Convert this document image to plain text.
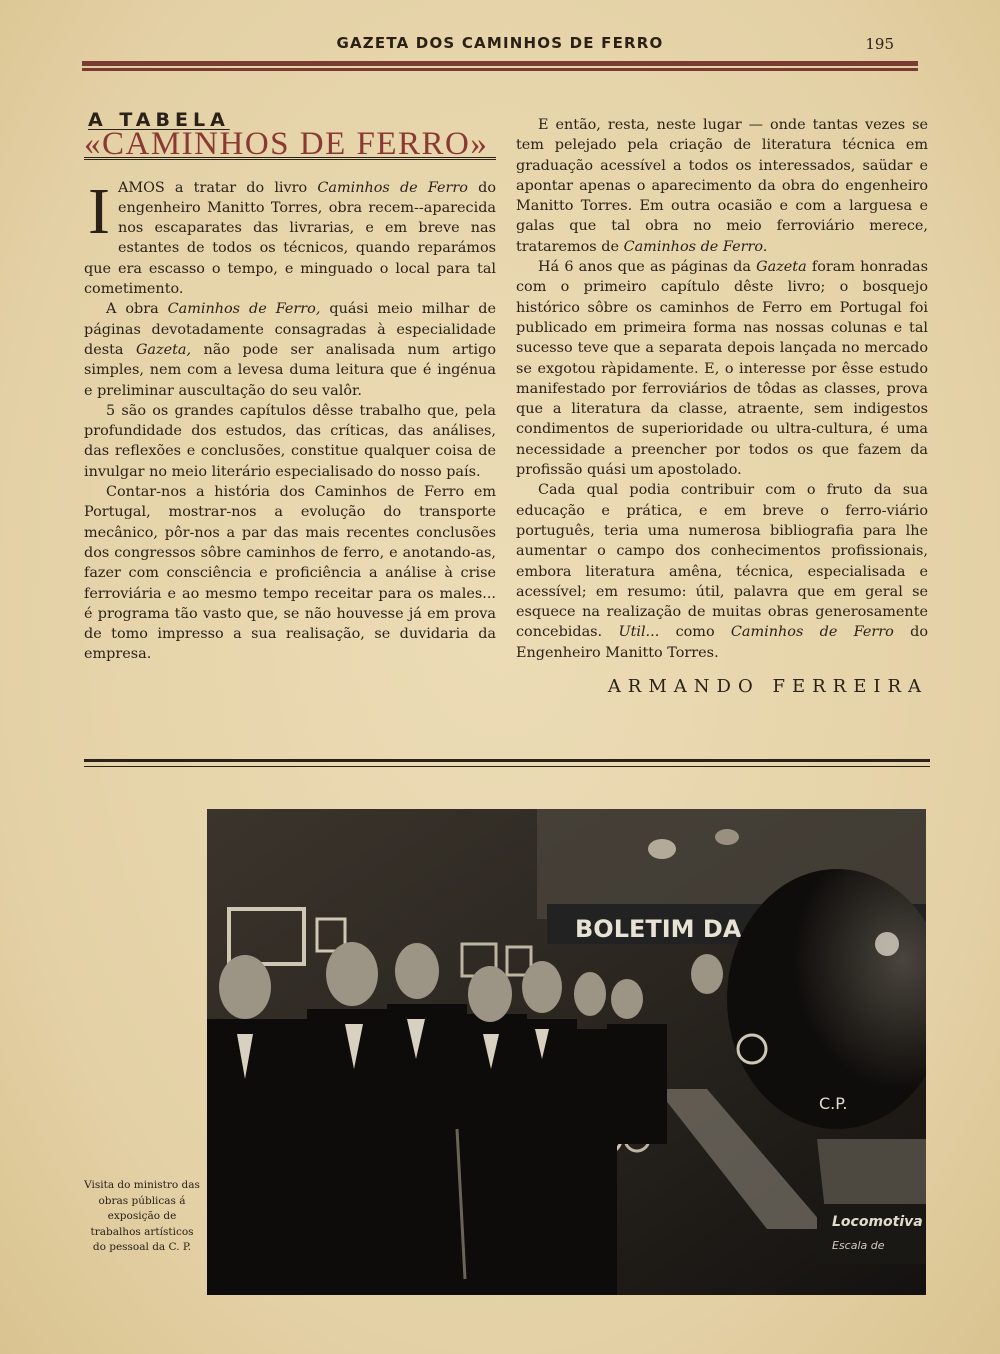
GAZETA DOS CAMINHOS DE FERRO	195
A TABELA
«CAMINHOS DE FERRO»

IAMOS a tratar do livro Caminhos de Ferro do engenheiro Manitto Torres, obra recem--aparecida nos escaparates das livrarias, e em breve nas estantes de todos os técnicos, quando reparámos que era escasso o tempo, e minguado o local para tal cometimento.

A obra Caminhos de Ferro, quási meio milhar de páginas devotadamente consagradas à especialidade desta Gazeta, não pode ser analisada num artigo simples, nem com a levesa duma leitura que é ingénua e preliminar auscultação do seu valôr.

5 são os grandes capítulos dêsse trabalho que, pela profundidade dos estudos, das críticas, das análises, das reflexões e conclusões, constitue qualquer coisa de invulgar no meio literário especialisado do nosso país.

Contar-nos a história dos Caminhos de Ferro em Portugal, mostrar-nos a evolução do transporte mecânico, pôr-nos a par das mais recentes conclusões dos congressos sôbre caminhos de ferro, e anotando-as, fazer com consciência e proficiência a análise à crise ferroviária e ao mesmo tempo receitar para os males... é programa tão vasto que, se não houvesse já em prova de tomo impresso a sua realisação, se duvidaria da empresa.

E então, resta, neste lugar — onde tantas vezes se tem pelejado pela criação de literatura técnica em graduação acessível a todos os interessados, saüdar e apontar apenas o aparecimento da obra do engenheiro Manitto Torres. Em outra ocasião e com a larguesa e galas que tal obra no meio ferroviário merece, trataremos de Caminhos de Ferro.

Há 6 anos que as páginas da Gazeta foram honradas com o primeiro capítulo dêste livro; o bosquejo histórico sôbre os caminhos de Ferro em Portugal foi publicado em primeira forma nas nossas colunas e tal sucesso teve que a separata depois lançada no mercado se exgotou ràpidamente. E, o interesse por êsse estudo manifestado por ferroviários de tôdas as classes, prova que a literatura da classe, atraente, sem indigestos condimentos de superioridade ou ultra-cultura, é uma necessidade a preencher por todos os que fazem da profissão quási um apostolado.

Cada qual podia contribuir com o fruto da sua educação e prática, e em breve o ferro-viário português, teria uma numerosa bibliografia para lhe aumentar o campo dos conhecimentos profissionais, embora literatura amêna, técnica, especialisada e acessível; em resumo: útil, palavra que em geral se esquece na realização de muitas obras generosamente concebidas. Util... como Caminhos de Ferro do Engenheiro Manitto Torres.

ARMANDO FERREIRA

BOLETIM DA
C.P.
Locomotiva
Escala de
Visita do ministro das obras públicas á exposição de trabalhos artísticos do pessoal da C. P.
